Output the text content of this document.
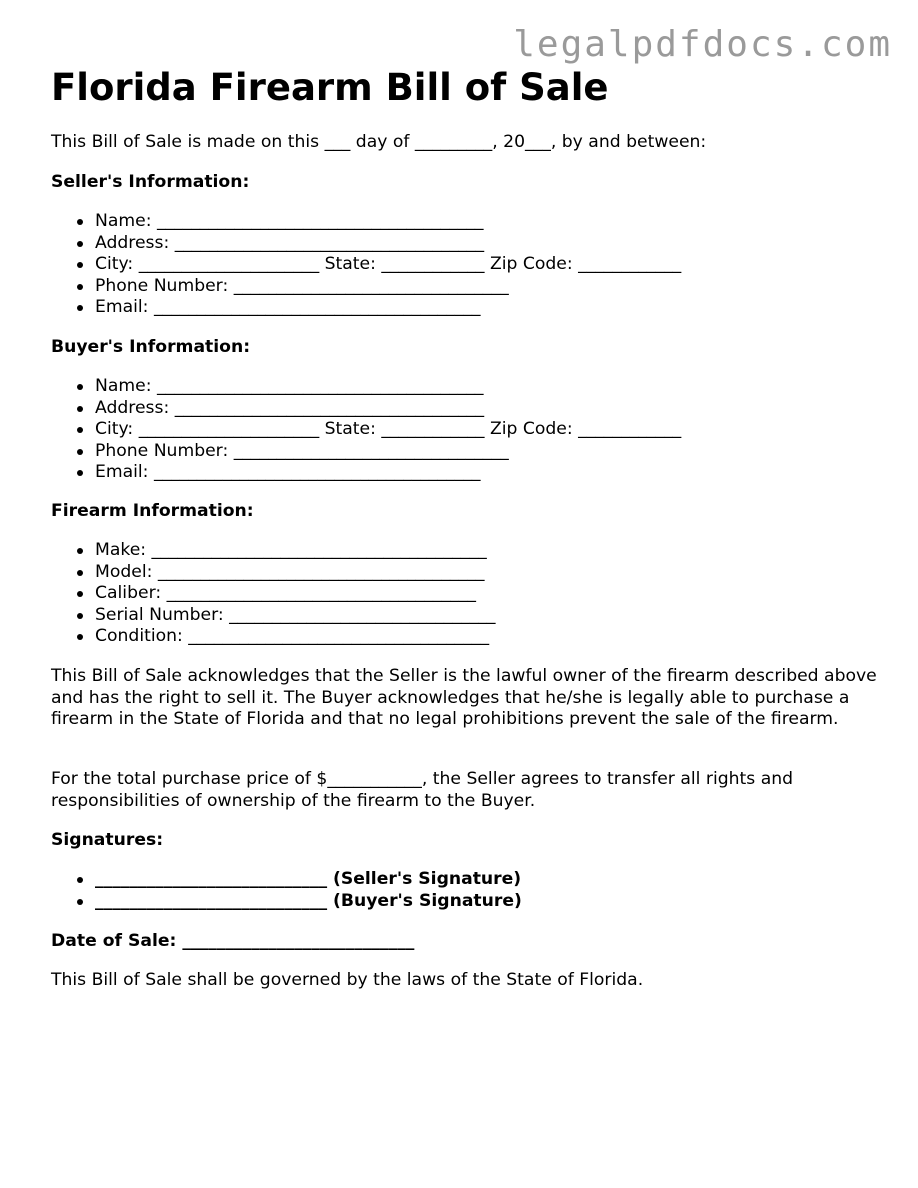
legalpdfdocs.com
Florida Firearm Bill of Sale

This Bill of Sale is made on this ___ day of _________, 20___, by and between:

Seller's Information:

Name: ______________________________________
Address: ____________________________________
City: _____________________ State: ____________ Zip Code: ____________
Phone Number: ________________________________
Email: ______________________________________

Buyer's Information:

Name: ______________________________________
Address: ____________________________________
City: _____________________ State: ____________ Zip Code: ____________
Phone Number: ________________________________
Email: ______________________________________

Firearm Information:

Make: _______________________________________
Model: ______________________________________
Caliber: ____________________________________
Serial Number: _______________________________
Condition: ___________________________________

This Bill of Sale acknowledges that the Seller is the lawful owner of the firearm described above and has the right to sell it. The Buyer acknowledges that he/she is legally able to purchase a firearm in the State of Florida and that no legal prohibitions prevent the sale of the firearm.

For the total purchase price of $___________, the Seller agrees to transfer all rights and responsibilities of ownership of the firearm to the Buyer.

Signatures:

___________________________ (Seller's Signature)
___________________________ (Buyer's Signature)

Date of Sale: ___________________________

This Bill of Sale shall be governed by the laws of the State of Florida.
